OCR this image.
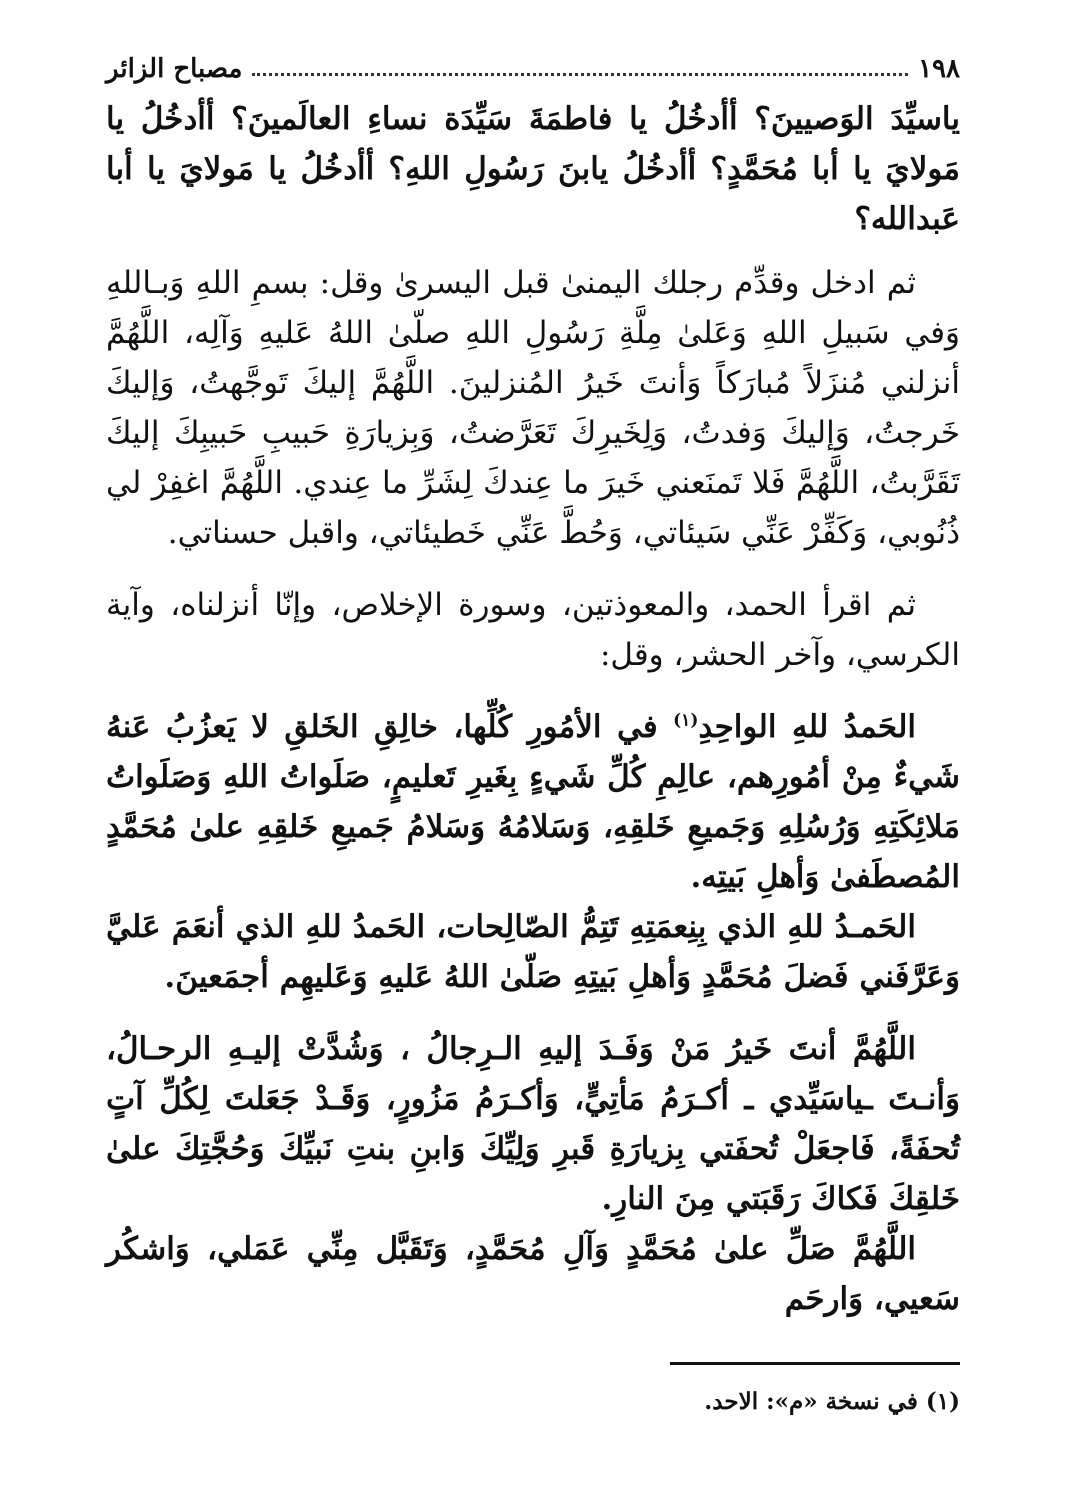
١٩٨
مصباح الزائر

ياسيِّدَ الوَصيينَ؟ أأدخُلُ يا فاطمَةَ سَيِّدَة نساءِ العالَمينَ؟ أأدخُلُ يا مَولايَ يا أبا مُحَمَّدٍ؟ أأدخُلُ يابنَ رَسُولِ اللهِ؟ أأدخُلُ يا مَولايَ يا أبا عَبدالله؟

ثم ادخل وقدِّم رجلك اليمنىٰ قبل اليسرىٰ وقل: بسمِ اللهِ وَبـاللهِ وَفي سَبيلِ اللهِ وَعَلىٰ مِلَّةِ رَسُولِ اللهِ صلّىٰ اللهُ عَليهِ وَآلِه، اللَّهُمَّ أنزلني مُنزَلاً مُبارَكاً وَأنتَ خَيرُ المُنزلينَ. اللَّهُمَّ إليكَ تَوجَّهتُ، وَإليكَ خَرجتُ، وَإليكَ وَفدتُ، وَلِخَيرِكَ تَعَرَّضتُ، وَبِزيارَةِ حَبيبِ حَبيبِكَ إليكَ تَقَرَّبتُ، اللَّهُمَّ فَلا تَمنَعني خَيرَ ما عِندكَ لِشَرِّ ما عِندي. اللَّهُمَّ اغفِرْ لي ذُنُوبي، وَكَفِّرْ عَنِّي سَيئاتي، وَحُطَّ عَنِّي خَطيئاتي، واقبل حسناتي.

ثم اقرأ الحمد، والمعوذتين، وسورة الإخلاص، وإنّا أنزلناه، وآية الكرسي، وآخر الحشر، وقل:

الحَمدُ للهِ الواحِدِ$^{(١)}$ في الأمُورِ كُلِّها، خالِقِ الخَلقِ لا يَعزُبُ عَنهُ شَيءٌ مِنْ أمُورِهم، عالِمِ كُلِّ شَيءٍ بِغَيرِ تَعليمٍ، صَلَواتُ اللهِ وَصَلَواتُ مَلائِكَتِهِ وَرُسُلِهِ وَجَميعِ خَلقِهِ، وَسَلامُهُ وَسَلامُ جَميعِ خَلقِهِ علىٰ مُحَمَّدٍ المُصطَفىٰ وَأهلِ بَيتِه.

الحَمـدُ للهِ الذي بِنِعمَتِهِ تَتِمُّ الصّالِحات، الحَمدُ للهِ الذي أنعَمَ عَليَّ وَعَرَّفَني فَضلَ مُحَمَّدٍ وَأهلِ بَيتِهِ صَلّىٰ اللهُ عَليهِ وَعَليهِم أجمَعينَ.

اللَّهُمَّ أنتَ خَيرُ مَنْ وَفَـدَ إليهِ الـرِجالُ ، وَشُدَّتْ إليـهِ الرحـالُ، وَأنـتَ ـياسَيِّدي ـ أكـرَمُ مَأتِيٍّ، وَأكـرَمُ مَزُورٍ، وَقَـدْ جَعَلتَ لِكُلِّ آتٍ تُحفَةً، فَاجعَلْ تُحفَتي بِزيارَةِ قَبرِ وَلِيِّكَ وَابنِ بنتِ نَبيِّكَ وَحُجَّتِكَ علىٰ خَلقِكَ فَكاكَ رَقَبَتي مِنَ النارِ.

اللَّهُمَّ صَلِّ علىٰ مُحَمَّدٍ وَآلِ مُحَمَّدٍ، وَتَقَبَّل مِنِّي عَمَلي، وَاشكُر سَعيي، وَارحَم

(١) في نسخة «م»: الاحد.
